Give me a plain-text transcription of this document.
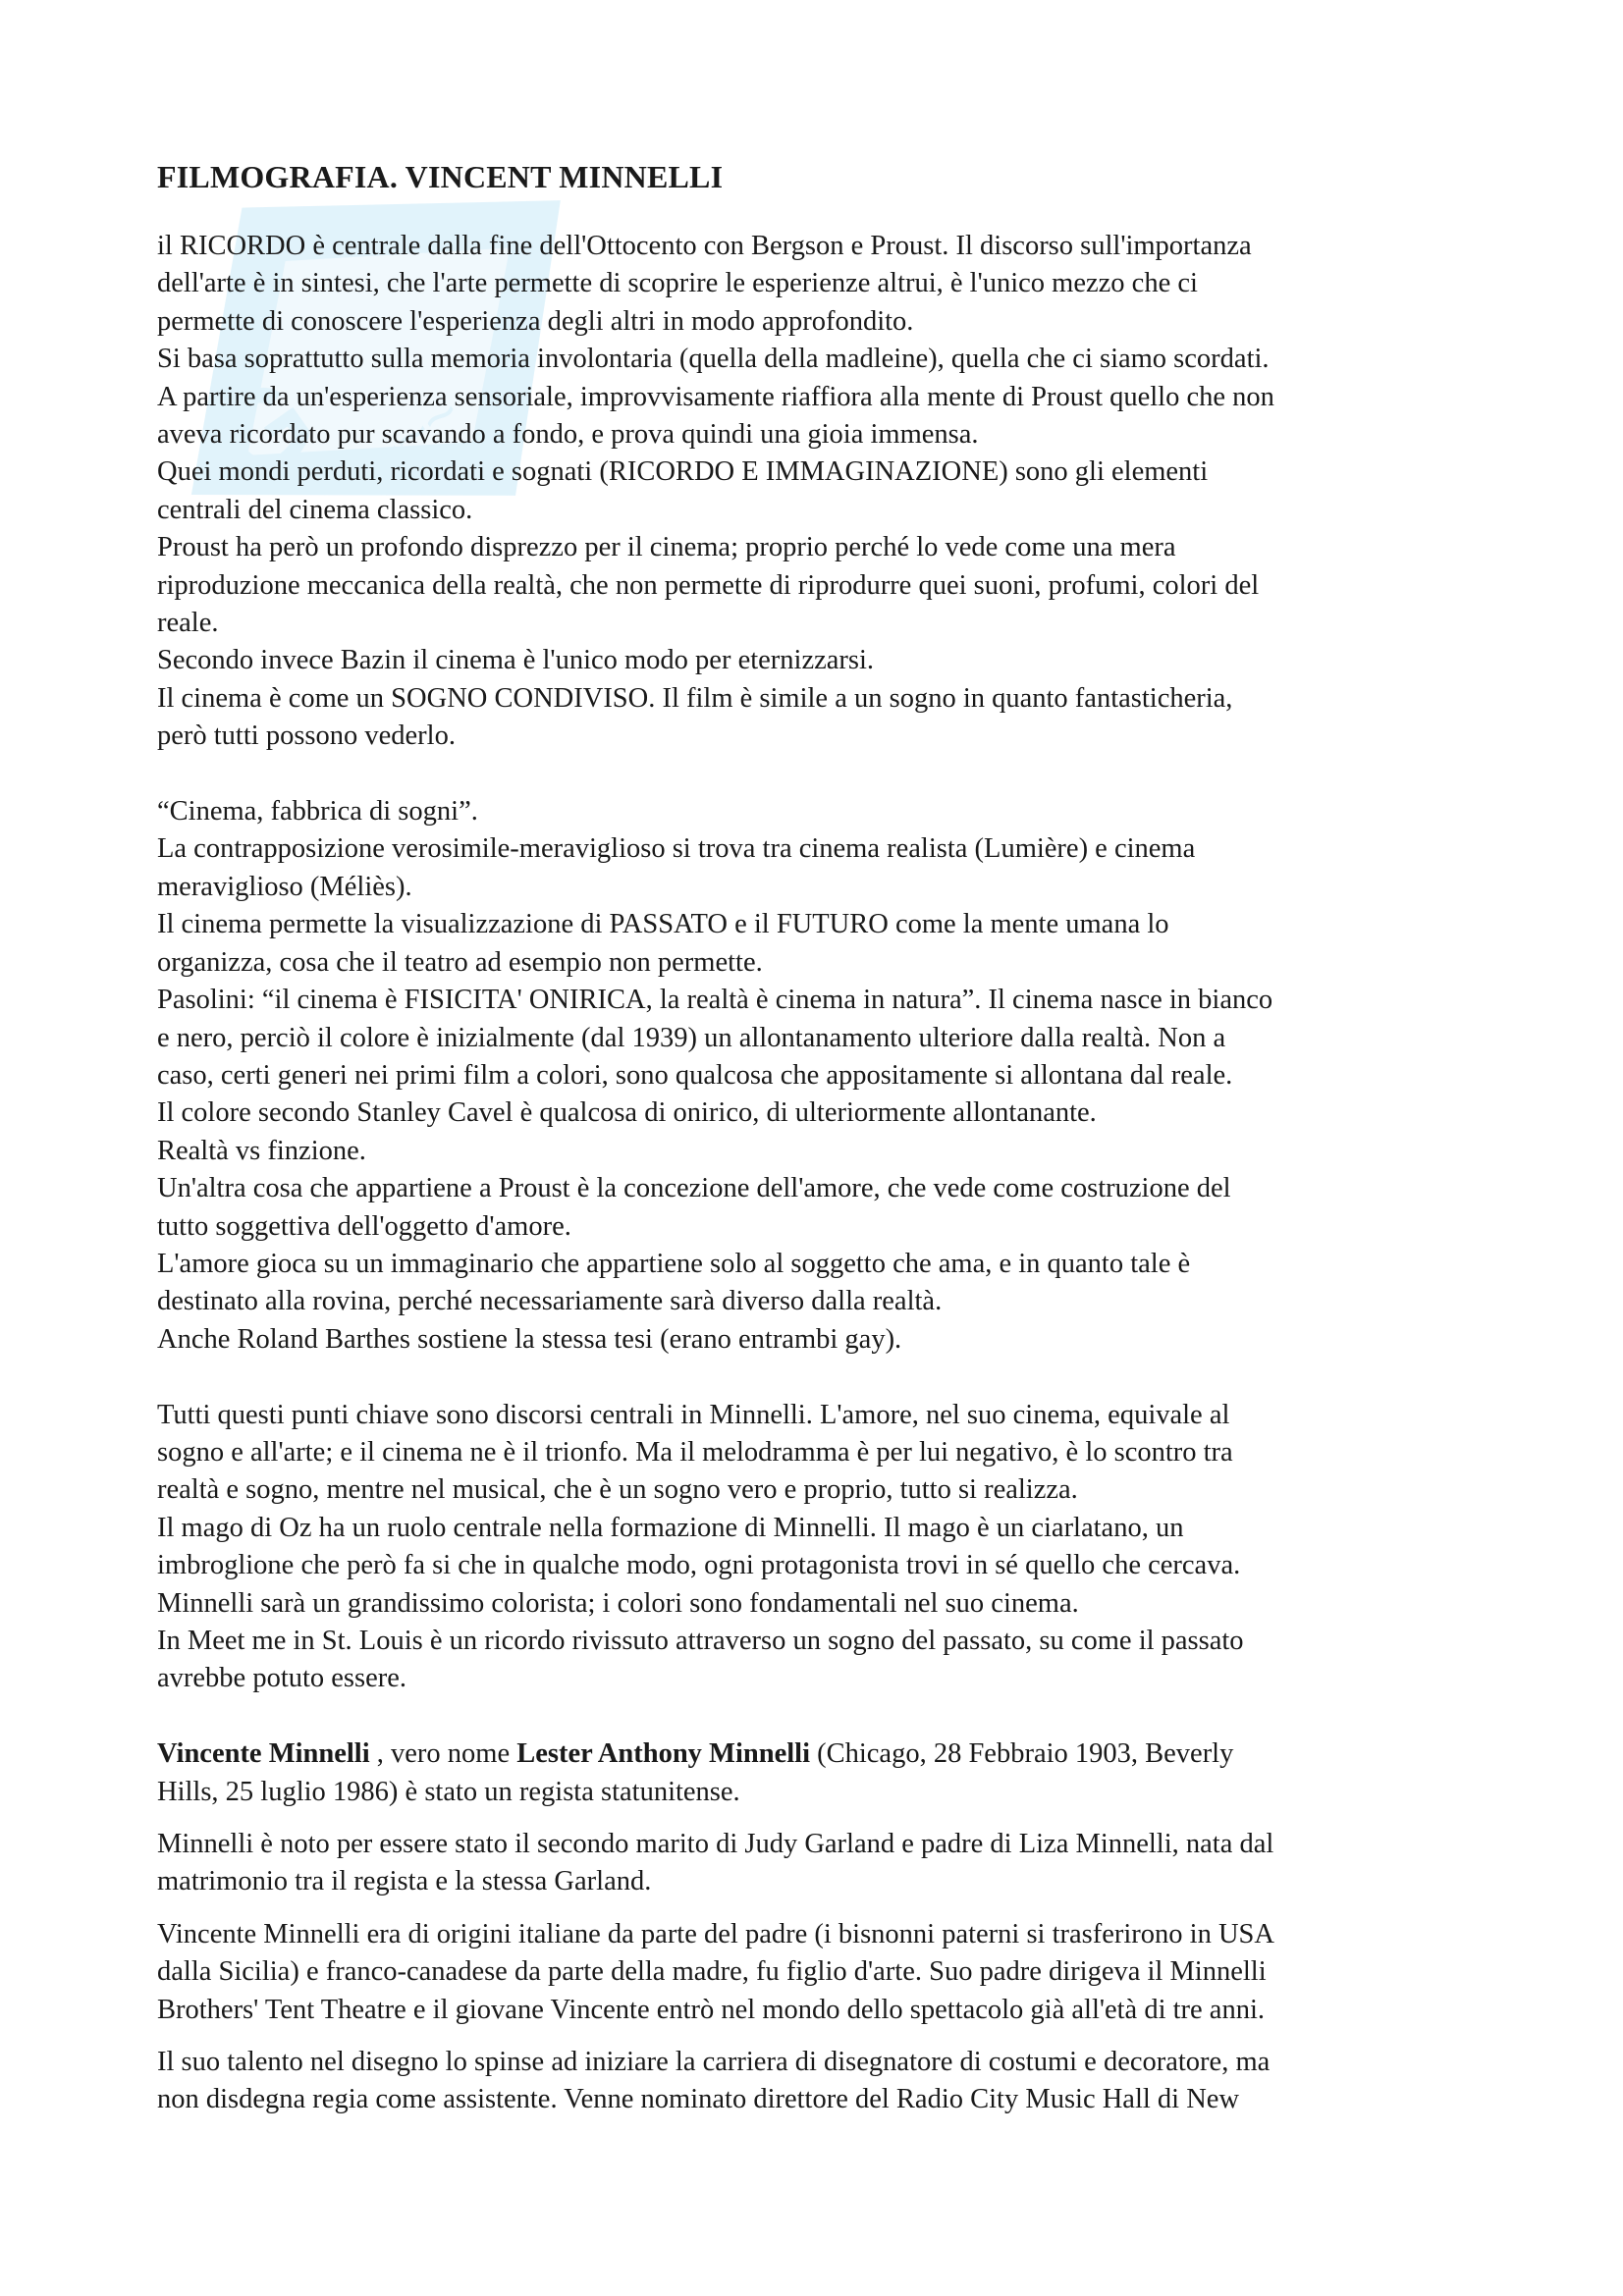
G
~~~~
FILMOGRAFIA. VINCENT MINNELLI
il RICORDO è centrale dalla fine dell'Ottocento con Bergson e Proust. Il discorso sull'importanza
dell'arte è in sintesi, che l'arte permette di scoprire le esperienze altrui, è l'unico mezzo che ci
permette di conoscere l'esperienza degli altri in modo approfondito.
Si basa soprattutto sulla memoria involontaria (quella della madleine), quella che ci siamo scordati.
A partire da un'esperienza sensoriale, improvvisamente riaffiora alla mente di Proust quello che non
aveva ricordato pur scavando a fondo, e prova quindi una gioia immensa.
Quei mondi perduti, ricordati e sognati (RICORDO E IMMAGINAZIONE) sono gli elementi
centrali del cinema classico.
Proust ha però un profondo disprezzo per il cinema; proprio perché lo vede come una mera
riproduzione meccanica della realtà, che non permette di riprodurre quei suoni, profumi, colori del
reale.
Secondo invece Bazin il cinema è l'unico modo per eternizzarsi.
Il cinema è come un SOGNO CONDIVISO. Il film è simile a un sogno in quanto fantasticheria,
però tutti possono vederlo.
“Cinema, fabbrica di sogni”.
La contrapposizione verosimile-meraviglioso si trova tra cinema realista (Lumière) e cinema
meraviglioso (Méliès).
Il cinema permette la visualizzazione di PASSATO e il FUTURO come la mente umana lo
organizza, cosa che il teatro ad esempio non permette.
Pasolini: “il cinema è FISICITA' ONIRICA, la realtà è cinema in natura”. Il cinema nasce in bianco
e nero, perciò il colore è inizialmente (dal 1939) un allontanamento ulteriore dalla realtà. Non a
caso, certi generi nei primi film a colori, sono qualcosa che appositamente si allontana dal reale.
Il colore secondo Stanley Cavel è qualcosa di onirico, di ulteriormente allontanante.
Realtà vs finzione.
Un'altra cosa che appartiene a Proust è la concezione dell'amore, che vede come costruzione del
tutto soggettiva dell'oggetto d'amore.
L'amore gioca su un immaginario che appartiene solo al soggetto che ama, e in quanto tale è
destinato alla rovina, perché necessariamente sarà diverso dalla realtà.
Anche Roland Barthes sostiene la stessa tesi (erano entrambi gay).
Tutti questi punti chiave sono discorsi centrali in Minnelli. L'amore, nel suo cinema, equivale al
sogno e all'arte; e il cinema ne è il trionfo. Ma il melodramma è per lui negativo, è lo scontro tra
realtà e sogno, mentre nel musical, che è un sogno vero e proprio, tutto si realizza.
Il mago di Oz ha un ruolo centrale nella formazione di Minnelli. Il mago è un ciarlatano, un
imbroglione che però fa si che in qualche modo, ogni protagonista trovi in sé quello che cercava.
Minnelli sarà un grandissimo colorista; i colori sono fondamentali nel suo cinema.
In Meet me in St. Louis è un ricordo rivissuto attraverso un sogno del passato, su come il passato
avrebbe potuto essere.

Vincente Minnelli , vero nome Lester Anthony Minnelli (Chicago, 28 Febbraio 1903, Beverly
Hills, 25 luglio 1986) è stato un regista statunitense.

Minnelli è noto per essere stato il secondo marito di Judy Garland e padre di Liza Minnelli, nata dal
matrimonio tra il regista e la stessa Garland.

Vincente Minnelli era di origini italiane da parte del padre (i bisnonni paterni si trasferirono in USA
dalla Sicilia) e franco-canadese da parte della madre, fu figlio d'arte. Suo padre dirigeva il Minnelli
Brothers' Tent Theatre e il giovane Vincente entrò nel mondo dello spettacolo già all'età di tre anni.

Il suo talento nel disegno lo spinse ad iniziare la carriera di disegnatore di costumi e decoratore, ma
non disdegna regia come assistente. Venne nominato direttore del Radio City Music Hall di New
